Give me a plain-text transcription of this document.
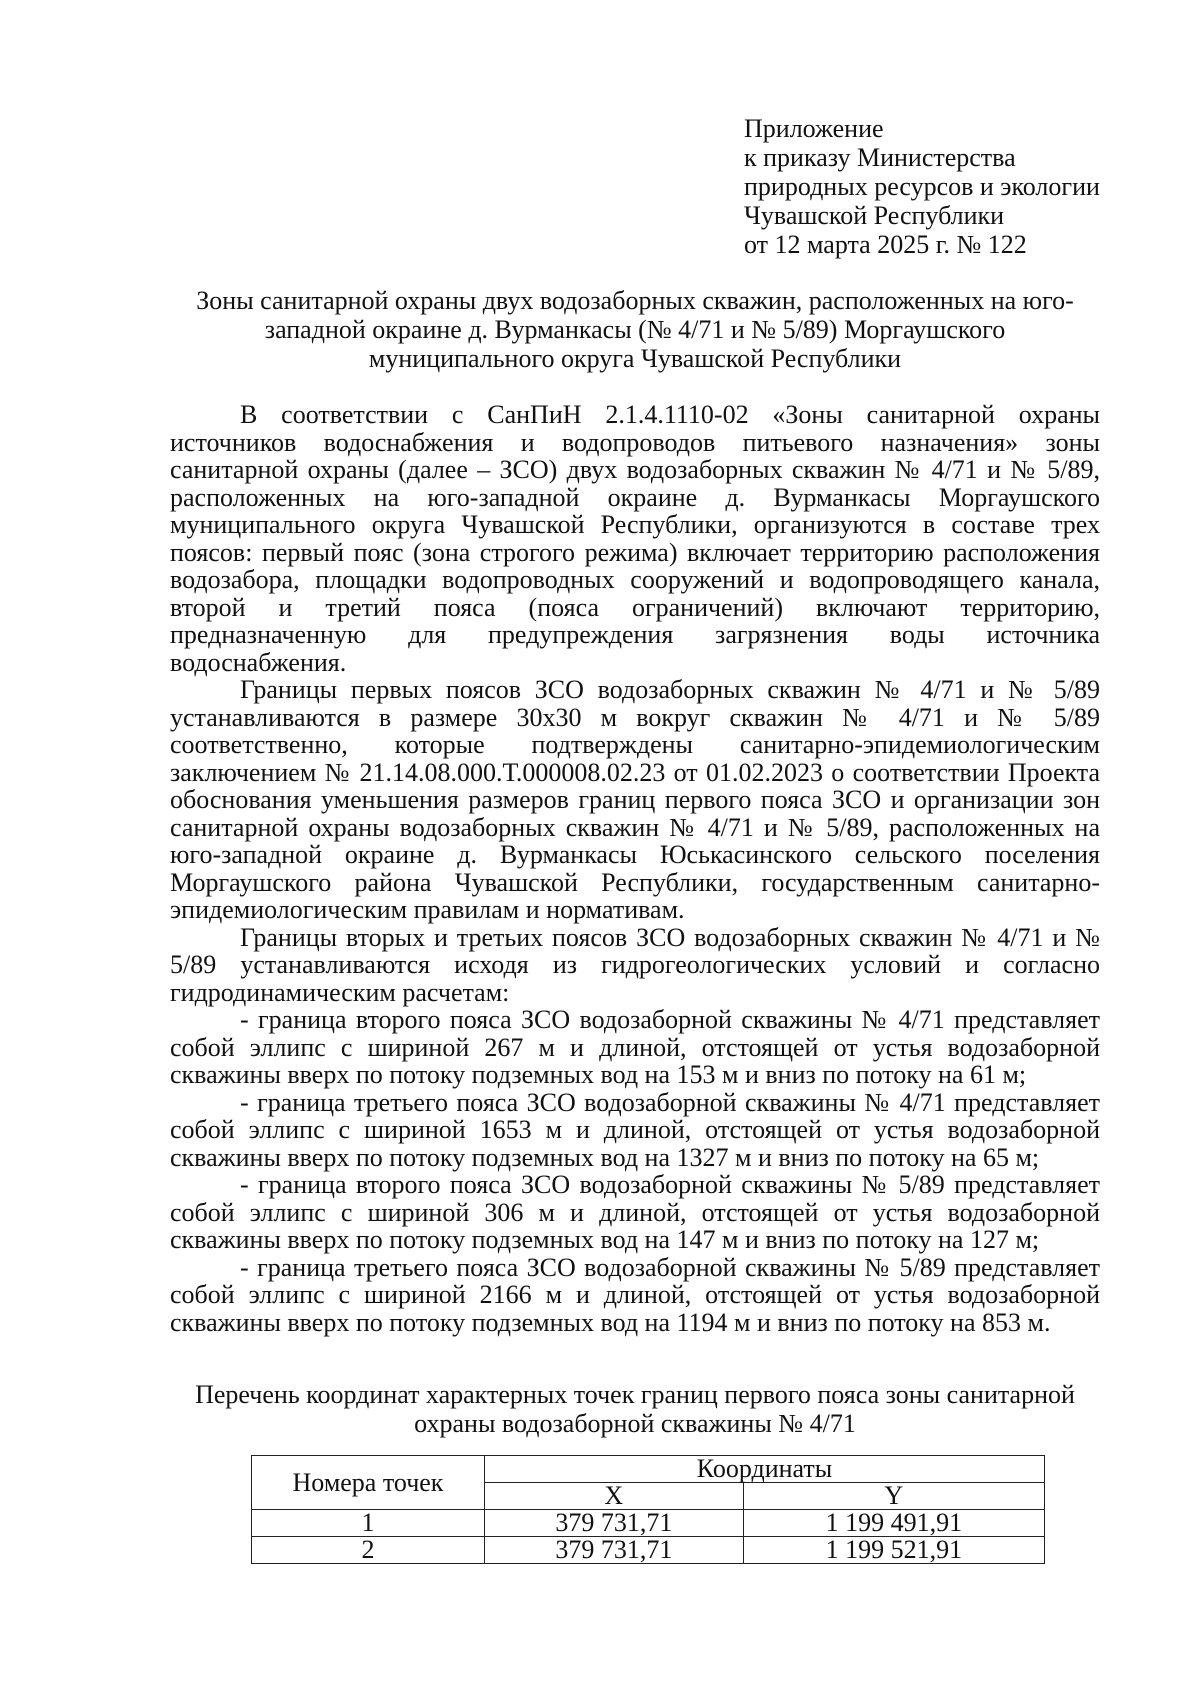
Приложение
к приказу Министерства
природных ресурсов и экологии
Чувашской Республики
от 12 марта 2025 г. № 122
Зоны санитарной охраны двух водозаборных скважин, расположенных на юго-
западной окраине д. Вурманкасы (№ 4/71 и № 5/89) Моргаушского
муниципального округа Чувашской Республики

В соответствии с СанПиН 2.1.4.1110-02 «Зоны санитарной охраны источников водоснабжения и водопроводов питьевого назначения» зоны санитарной охраны (далее – ЗСО) двух водозаборных скважин № 4/71 и № 5/89, расположенных на юго-западной окраине д. Вурманкасы Моргаушского муниципального округа Чувашской Республики, организуются в составе трех поясов: первый пояс (зона строгого режима) включает территорию расположения водозабора, площадки водопроводных сооружений и водопроводящего канала, второй и третий пояса (пояса ограничений) включают территорию, предназначенную для предупреждения загрязнения воды источника водоснабжения.

Границы первых поясов ЗСО водозаборных скважин № 4/71 и № 5/89 устанавливаются в размере 30х30 м вокруг скважин № 4/71 и № 5/89 соответственно, которые подтверждены санитарно-эпидемиологическим заключением № 21.14.08.000.Т.000008.02.23 от 01.02.2023 о соответствии Проекта обоснования уменьшения размеров границ первого пояса ЗСО и организации зон санитарной охраны водозаборных скважин № 4/71 и № 5/89, расположенных на юго-западной окраине д. Вурманкасы Юськасинского сельского поселения Моргаушского района Чувашской Республики, государственным санитарно-эпидемиологическим правилам и нормативам.

Границы вторых и третьих поясов ЗСО водозаборных скважин № 4/71 и № 5/89 устанавливаются исходя из гидрогеологических условий и согласно гидродинамическим расчетам:

- граница второго пояса ЗСО водозаборной скважины № 4/71 представляет собой эллипс с шириной 267 м и длиной, отстоящей от устья водозаборной скважины вверх по потоку подземных вод на 153 м и вниз по потоку на 61 м;

- граница третьего пояса ЗСО водозаборной скважины № 4/71 представляет собой эллипс с шириной 1653 м и длиной, отстоящей от устья водозаборной скважины вверх по потоку подземных вод на 1327 м и вниз по потоку на 65 м;

- граница второго пояса ЗСО водозаборной скважины № 5/89 представляет собой эллипс с шириной 306 м и длиной, отстоящей от устья водозаборной скважины вверх по потоку подземных вод на 147 м и вниз по потоку на 127 м;

- граница третьего пояса ЗСО водозаборной скважины № 5/89 представляет собой эллипс с шириной 2166 м и длиной, отстоящей от устья водозаборной скважины вверх по потоку подземных вод на 1194 м и вниз по потоку на 853 м.

Перечень координат характерных точек границ первого пояса зоны санитарной
охраны водозаборной скважины № 4/71
Номера точек	Координаты	
	X	Y
1	379 731,71	1 199 491,91
2	379 731,71	1 199 521,91
